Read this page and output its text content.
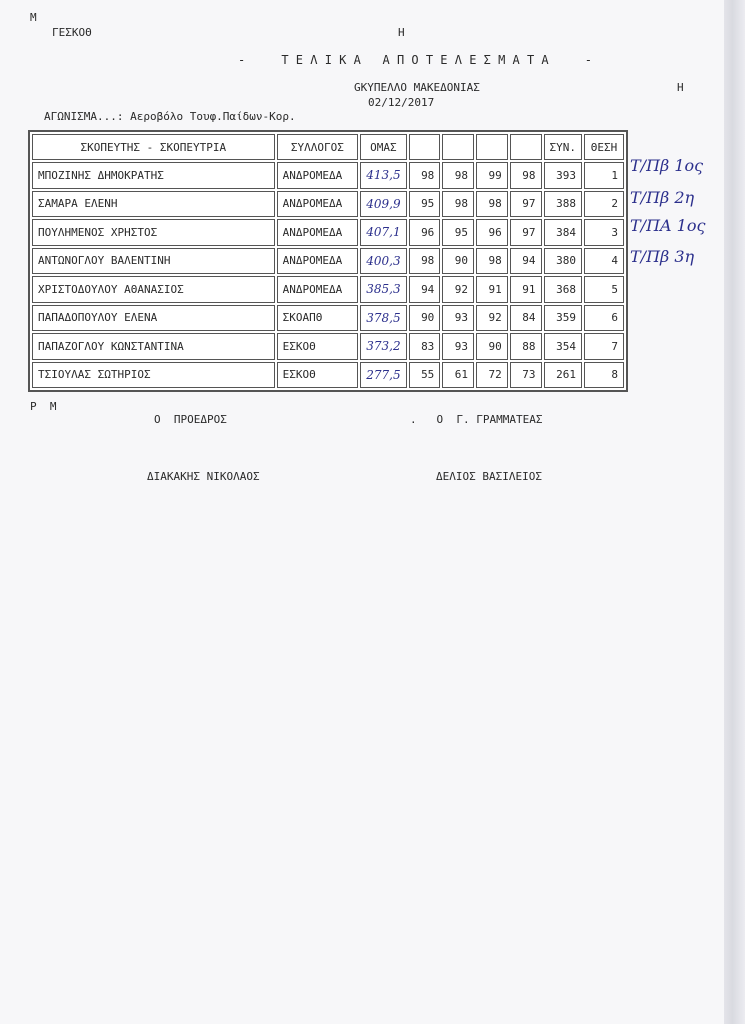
M
ΓΕΣΚΟΘ	H
-     Τ Ε Λ Ι Κ Α   Α Π Ο Τ Ε Λ Ε Σ Μ Α Τ Α     -
GKYΠΕΛΛΟ ΜΑΚΕΔΟΝΙΑΣ	H
02/12/2017
ΑΓΩΝΙΣΜΑ...: Αεροβόλο Τουφ.Παίδων-Κορ.
ΣΚΟΠΕΥΤΗΣ - ΣΚΟΠΕΥΤΡΙΑ	ΣΥΛΛΟΓΟΣ	ΟΜΑΣ					ΣΥΝ.	ΘΕΣΗ
ΜΠΟΖΙΝΗΣ ΔΗΜΟΚΡΑΤΗΣ	ΑΝΔΡΟΜΕΔΑ	413,5	98	98	99	98	393	1
ΣΑΜΑΡΑ ΕΛΕΝΗ	ΑΝΔΡΟΜΕΔΑ	409,9	95	98	98	97	388	2
ΠΟΥΛΗΜΕΝΟΣ ΧΡΗΣΤΟΣ	ΑΝΔΡΟΜΕΔΑ	407,1	96	95	96	97	384	3
ΑΝΤΩΝΟΓΛΟΥ ΒΑΛΕΝΤΙΝΗ	ΑΝΔΡΟΜΕΔΑ	400,3	98	90	98	94	380	4
ΧΡΙΣΤΟΔΟΥΛΟΥ ΑΘΑΝΑΣΙΟΣ	ΑΝΔΡΟΜΕΔΑ	385,3	94	92	91	91	368	5
ΠΑΠΑΔΟΠΟΥΛΟΥ ΕΛΕΝΑ	ΣΚΟΑΠΘ	378,5	90	93	92	84	359	6
ΠΑΠΑΖΟΓΛΟΥ ΚΩΝΣΤΑΝΤΙΝΑ	ΕΣΚΟΘ	373,2	83	93	90	88	354	7
ΤΣΙΟΥΛΑΣ ΣΩΤΗΡΙΟΣ	ΕΣΚΟΘ	277,5	55	61	72	73	261	8
Τ/Πβ 1ος
Τ/Πβ 2η
Τ/ΠΑ 1ος
Τ/Πβ 3η
P  M
Ο  ΠΡΟΕΔΡΟΣ	.   Ο  Γ. ΓΡΑΜΜΑΤΕΑΣ
ΔΙΑΚΑΚΗΣ ΝΙΚΟΛΑΟΣ	ΔΕΛΙΟΣ ΒΑΣΙΛΕΙΟΣ
